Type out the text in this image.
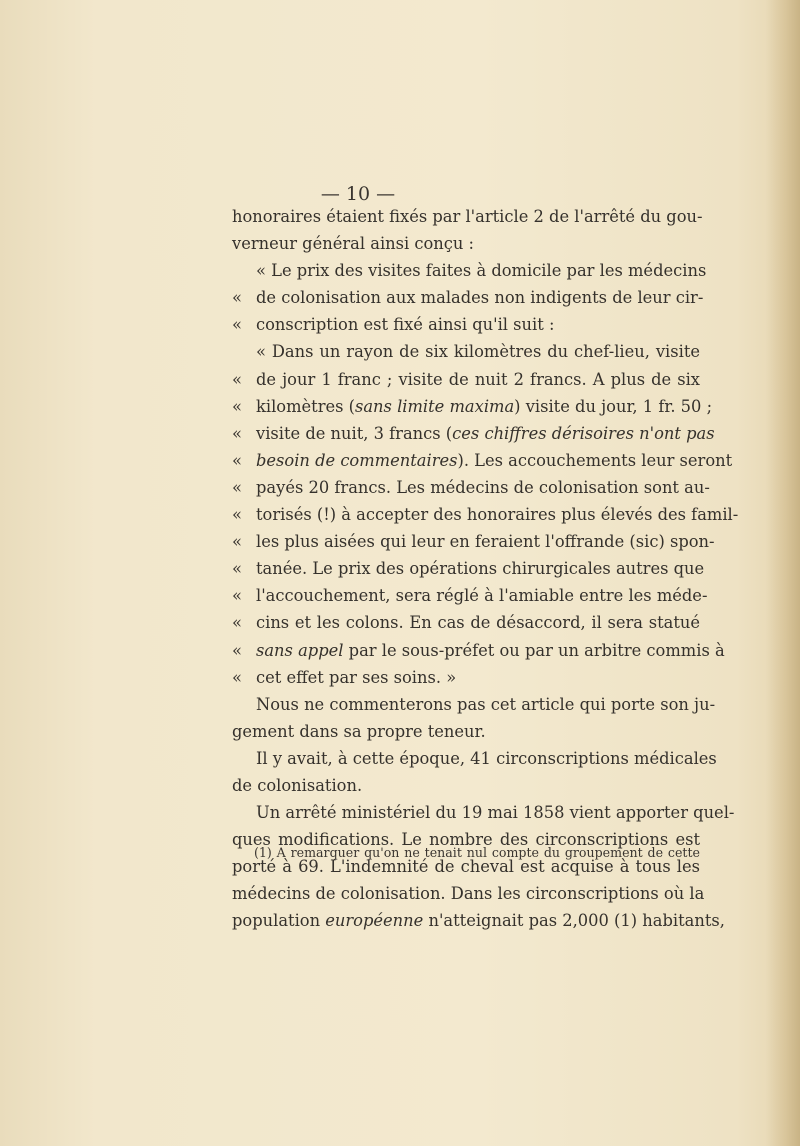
— 10 —
honoraires étaient fixés par l'article 2 de l'arrêté du gou-
verneur général ainsi conçu :
« Le prix des visites faites à domicile par les médecins
« de colonisation aux malades non indigents de leur cir-
« conscription est fixé ainsi qu'il suit :
« Dans un rayon de six kilomètres du chef-lieu, visite
« de jour 1 franc ; visite de nuit 2 francs. A plus de six
« kilomètres (sans limite maxima) visite du jour, 1 fr. 50 ;
« visite de nuit, 3 francs (ces chiffres dérisoires n'ont pas
« besoin de commentaires). Les accouchements leur seront
« payés 20 francs. Les médecins de colonisation sont au-
« torisés (!) à accepter des honoraires plus élevés des famil-
« les plus aisées qui leur en feraient l'offrande (sic) spon-
« tanée. Le prix des opérations chirurgicales autres que
« l'accouchement, sera réglé à l'amiable entre les méde-
« cins et les colons. En cas de désaccord, il sera statué
« sans appel par le sous-préfet ou par un arbitre commis à
« cet effet par ses soins. »
Nous ne commenterons pas cet article qui porte son ju-
gement dans sa propre teneur.
Il y avait, à cette époque, 41 circonscriptions médicales
de colonisation.
Un arrêté ministériel du 19 mai 1858 vient apporter quel-
ques modifications. Le nombre des circonscriptions est
porté à 69. L'indemnité de cheval est acquise à tous les
médecins de colonisation. Dans les circonscriptions où la
population européenne n'atteignait pas 2,000 (1) habitants,
(1) A remarquer qu'on ne tenait nul compte du groupement de cette
